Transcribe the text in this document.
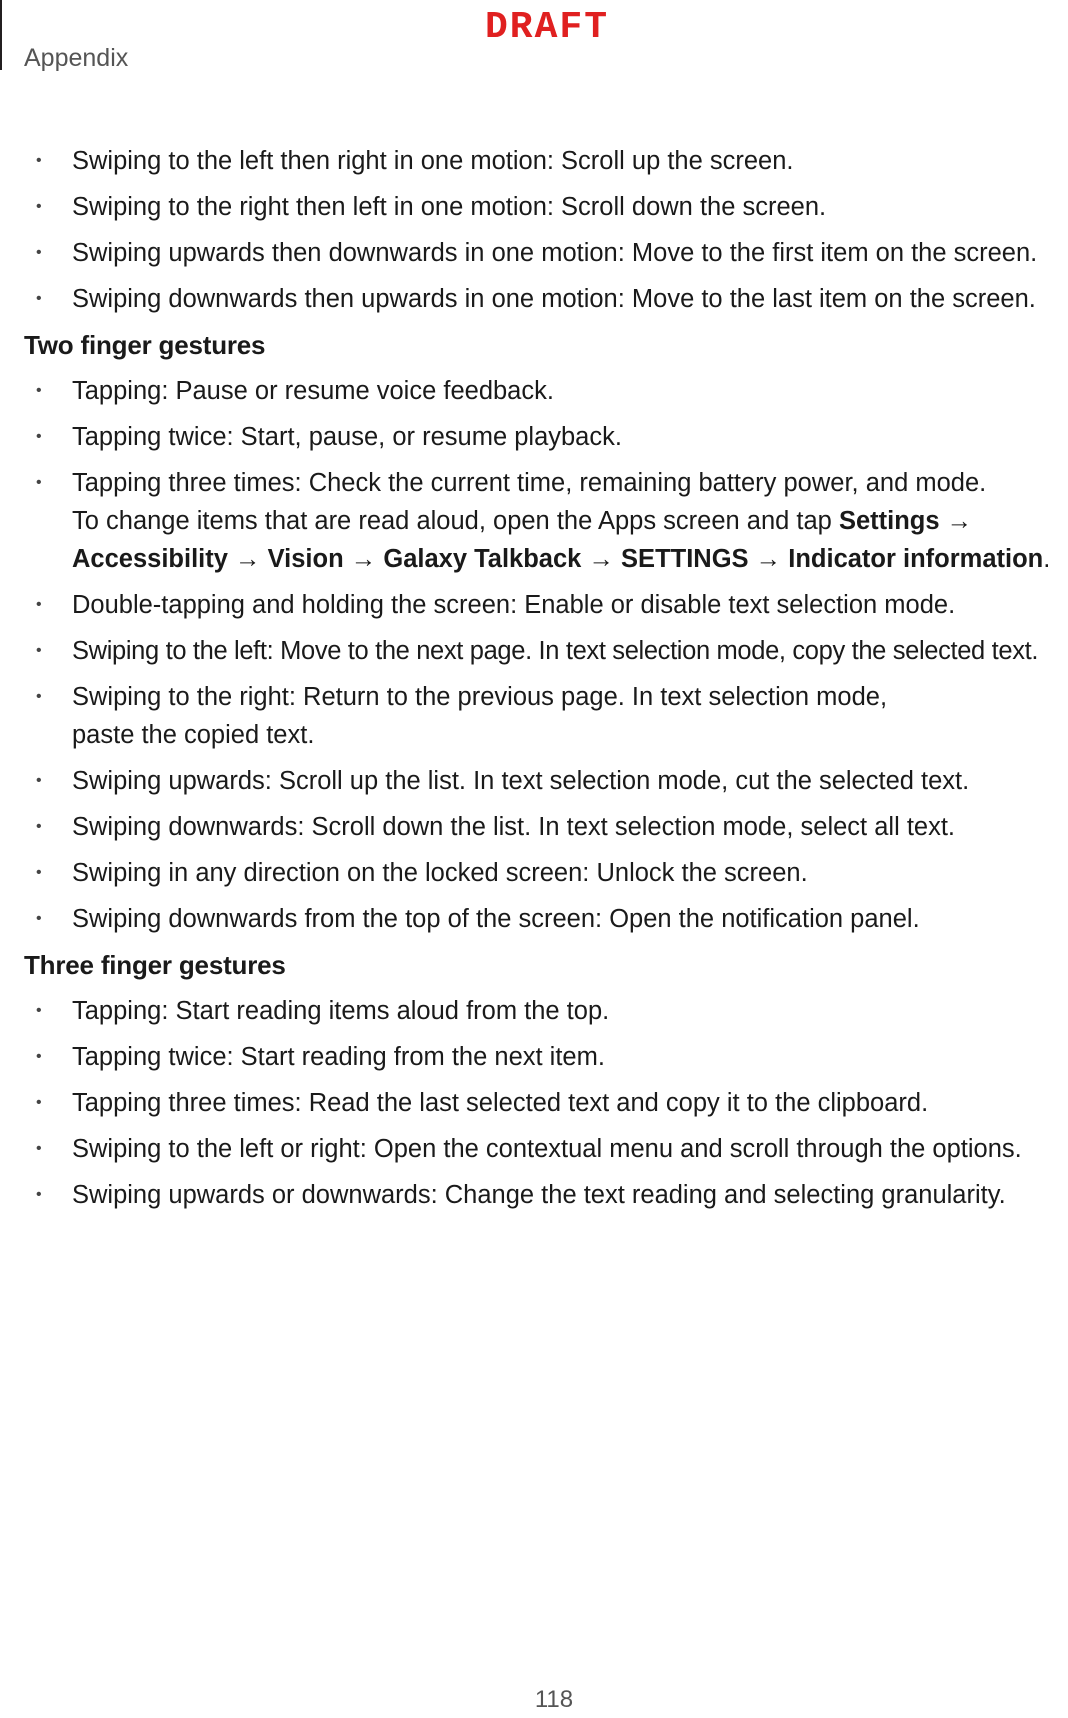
DRAFT
Appendix
•	Swiping to the left then right in one motion: Scroll up the screen.
•	Swiping to the right then left in one motion: Scroll down the screen.
•	Swiping upwards then downwards in one motion: Move to the first item on the screen.
•	Swiping downwards then upwards in one motion: Move to the last item on the screen.
Two finger gestures
•	Tapping: Pause or resume voice feedback.
•	Tapping twice: Start, pause, or resume playback.
•	Tapping three times: Check the current time, remaining battery power, and mode.
To change items that are read aloud, open the Apps screen and tap Settings →
Accessibility → Vision → Galaxy Talkback → SETTINGS → Indicator information.
•	Double-tapping and holding the screen: Enable or disable text selection mode.
•	Swiping to the left: Move to the next page. In text selection mode, copy the selected text.
•	Swiping to the right: Return to the previous page. In text selection mode, paste the copied text.
•	Swiping upwards: Scroll up the list. In text selection mode, cut the selected text.
•	Swiping downwards: Scroll down the list. In text selection mode, select all text.
•	Swiping in any direction on the locked screen: Unlock the screen.
•	Swiping downwards from the top of the screen: Open the notification panel.
Three finger gestures
•	Tapping: Start reading items aloud from the top.
•	Tapping twice: Start reading from the next item.
•	Tapping three times: Read the last selected text and copy it to the clipboard.
•	Swiping to the left or right: Open the contextual menu and scroll through the options.
•	Swiping upwards or downwards: Change the text reading and selecting granularity.
118
